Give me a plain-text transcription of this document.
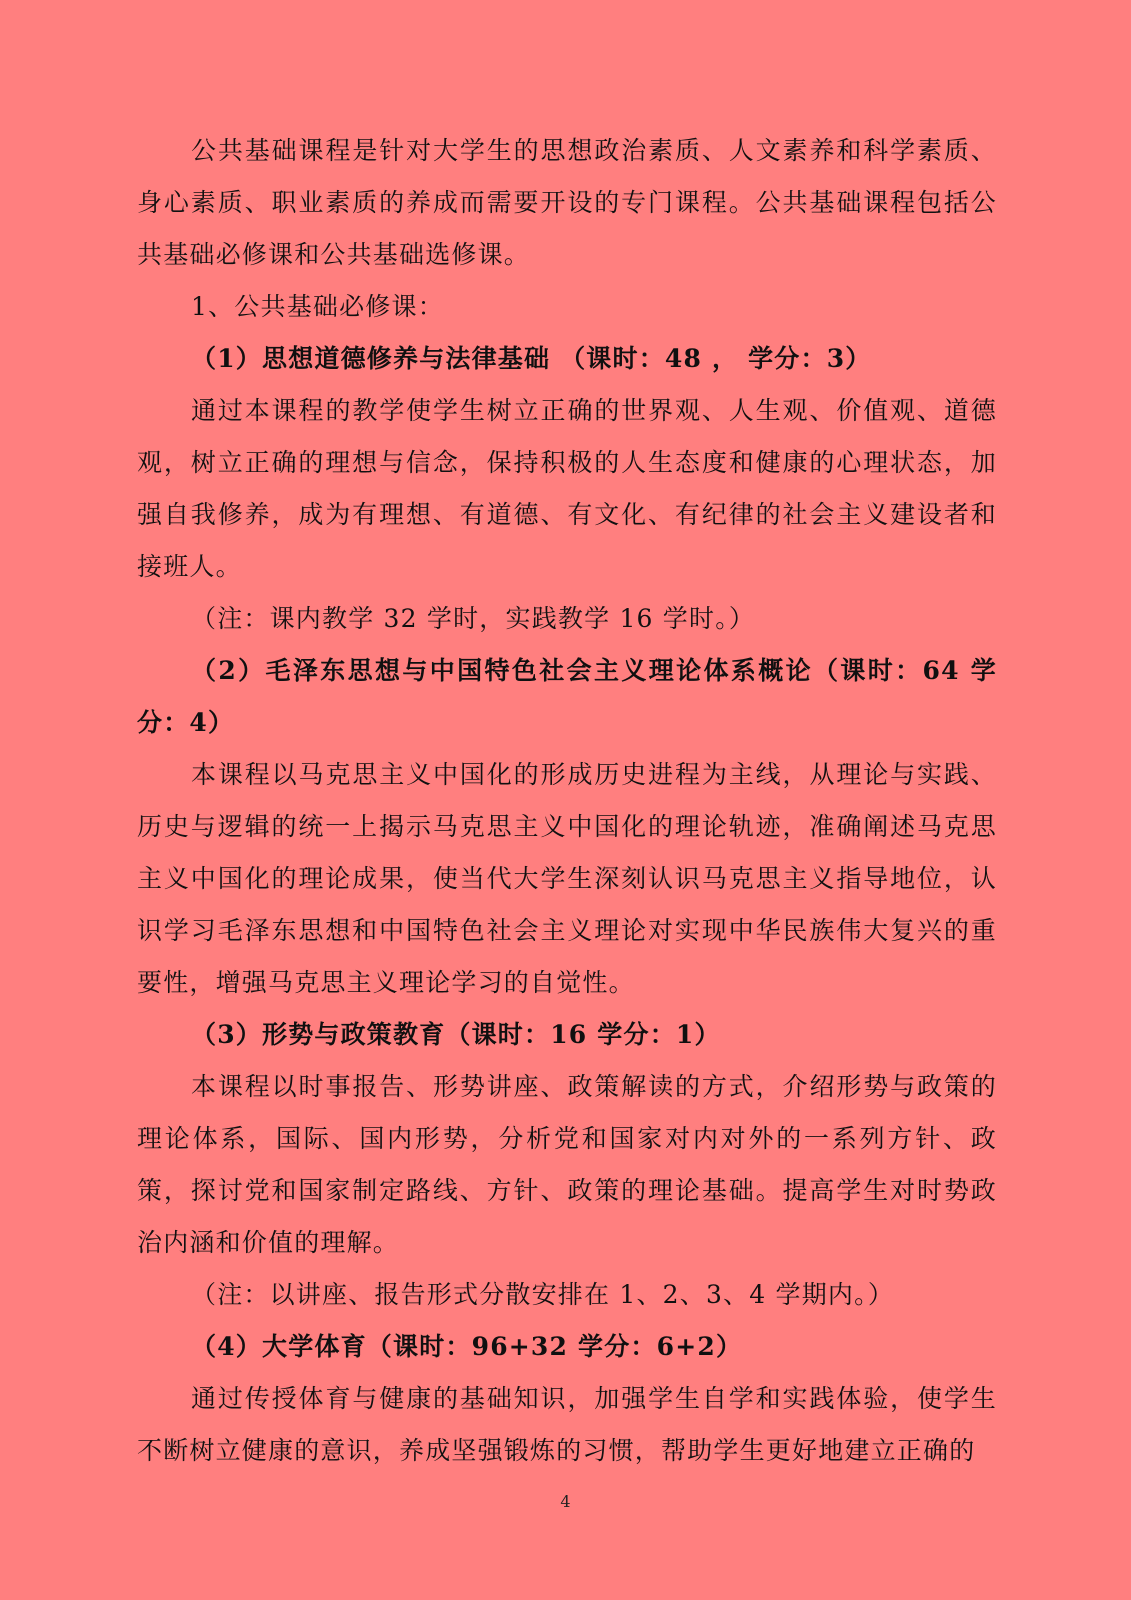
公共基础课程是针对大学生的思想政治素质、人文素养和科学素质、身心素质、职业素质的养成而需要开设的专门课程。公共基础课程包括公共基础必修课和公共基础选修课。

1、公共基础必修课：

（1）思想道德修养与法律基础 （课时：48 ， 学分：3）

通过本课程的教学使学生树立正确的世界观、人生观、价值观、道德观，树立正确的理想与信念，保持积极的人生态度和健康的心理状态，加强自我修养，成为有理想、有道德、有文化、有纪律的社会主义建设者和接班人。

（注：课内教学 32 学时，实践教学 16 学时。）

（2）毛泽东思想与中国特色社会主义理论体系概论（课时：64 学分：4）

本课程以马克思主义中国化的形成历史进程为主线，从理论与实践、历史与逻辑的统一上揭示马克思主义中国化的理论轨迹，准确阐述马克思主义中国化的理论成果，使当代大学生深刻认识马克思主义指导地位，认识学习毛泽东思想和中国特色社会主义理论对实现中华民族伟大复兴的重要性，增强马克思主义理论学习的自觉性。

（3）形势与政策教育（课时：16 学分：1）

本课程以时事报告、形势讲座、政策解读的方式，介绍形势与政策的理论体系，国际、国内形势，分析党和国家对内对外的一系列方针、政策，探讨党和国家制定路线、方针、政策的理论基础。提高学生对时势政治内涵和价值的理解。

（注：以讲座、报告形式分散安排在 1、2、3、4 学期内。）

（4）大学体育（课时：96+32 学分：6+2）

通过传授体育与健康的基础知识，加强学生自学和实践体验，使学生不断树立健康的意识，养成坚强锻炼的习惯，帮助学生更好地建立正确的

4
